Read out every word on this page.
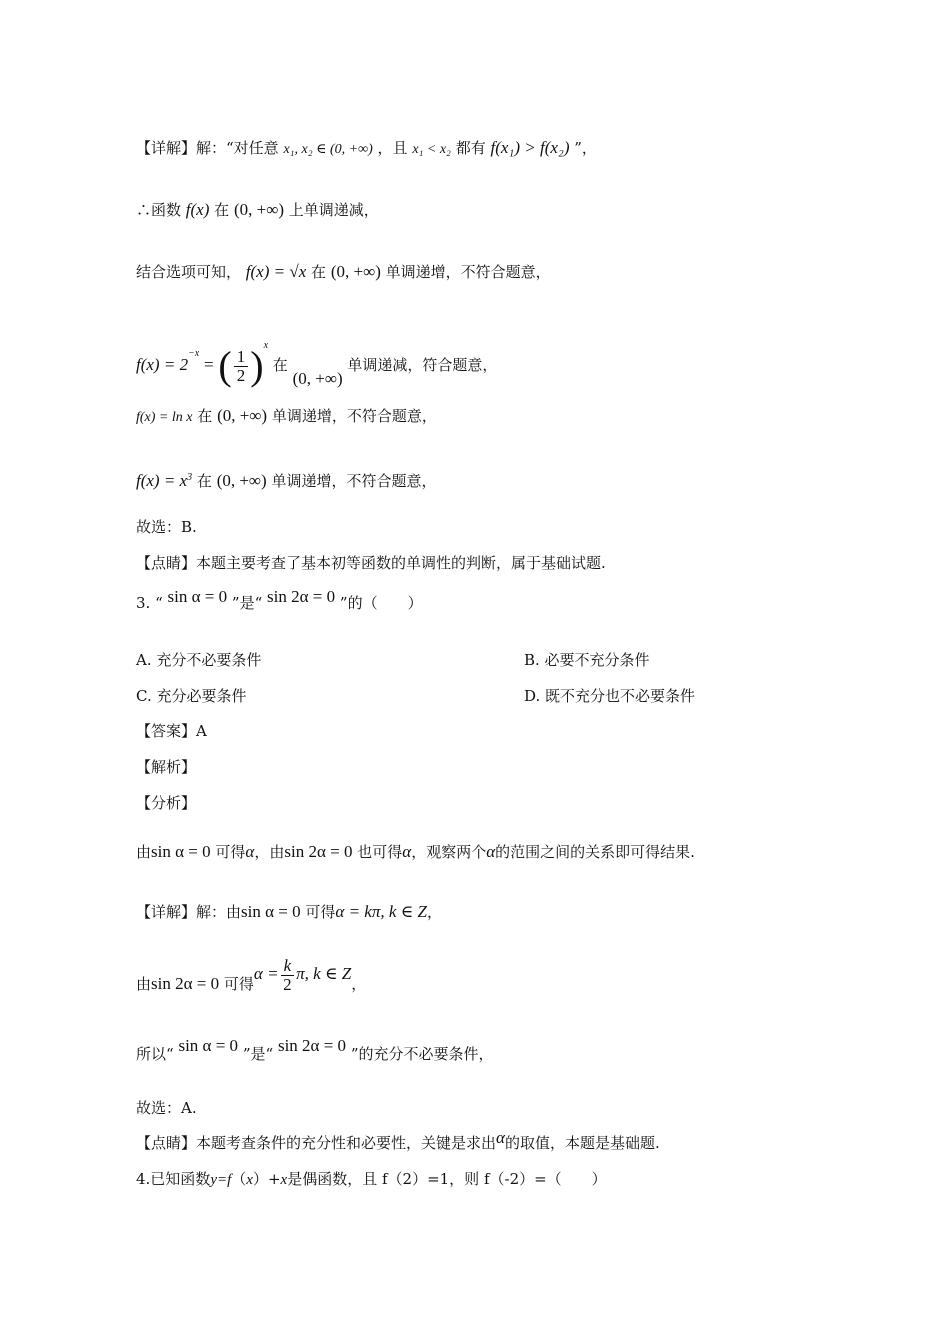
【详解】解：“对任意 x₁, x₂ ∈ (0, +∞) ，且 x₁ < x₂ 都有 f(x₁) > f(x₂) ”，
∴函数 f(x) 在 (0, +∞) 上单调递减，
结合选项可知， f(x) = √x 在 (0, +∞) 单调递增，不符合题意，
$f(x) = 2^{-x}$ = ( $\frac{1}{2} )^x$ 在 (0, +∞) 单调递减，符合题意，
f(x) = ln x 在 (0, +∞) 单调递增，不符合题意，
$f(x) = x^3$ 在 (0, +∞) 单调递增，不符合题意，
故选：B.
【点睛】本题主要考查了基本初等函数的单调性的判断，属于基础试题.
3. “ sin α = 0 ”是“ sin 2α = 0 ”的（　　）
A. 充分不必要条件	B. 必要不充分条件
C. 充分必要条件	D. 既不充分也不必要条件
【答案】A
【解析】
【分析】
由sin α = 0 可得α，由sin 2α = 0 也可得α，观察两个α的范围之间的关系即可得结果.
【详解】解：由sin α = 0 可得α = kπ, k ∈ Z，
由sin 2α = 0 可得$\alpha = \frac{k}{2} \pi$, k ∈ Z，
所以“ sin α = 0 ”是“ sin 2α = 0 ”的充分不必要条件，
故选：A.
【点睛】本题考查条件的充分性和必要性，关键是求出α的取值，本题是基础题.
4.已知函数y=f（x）+x是偶函数，且 f（2）=1，则 f（-2）=（　　）
